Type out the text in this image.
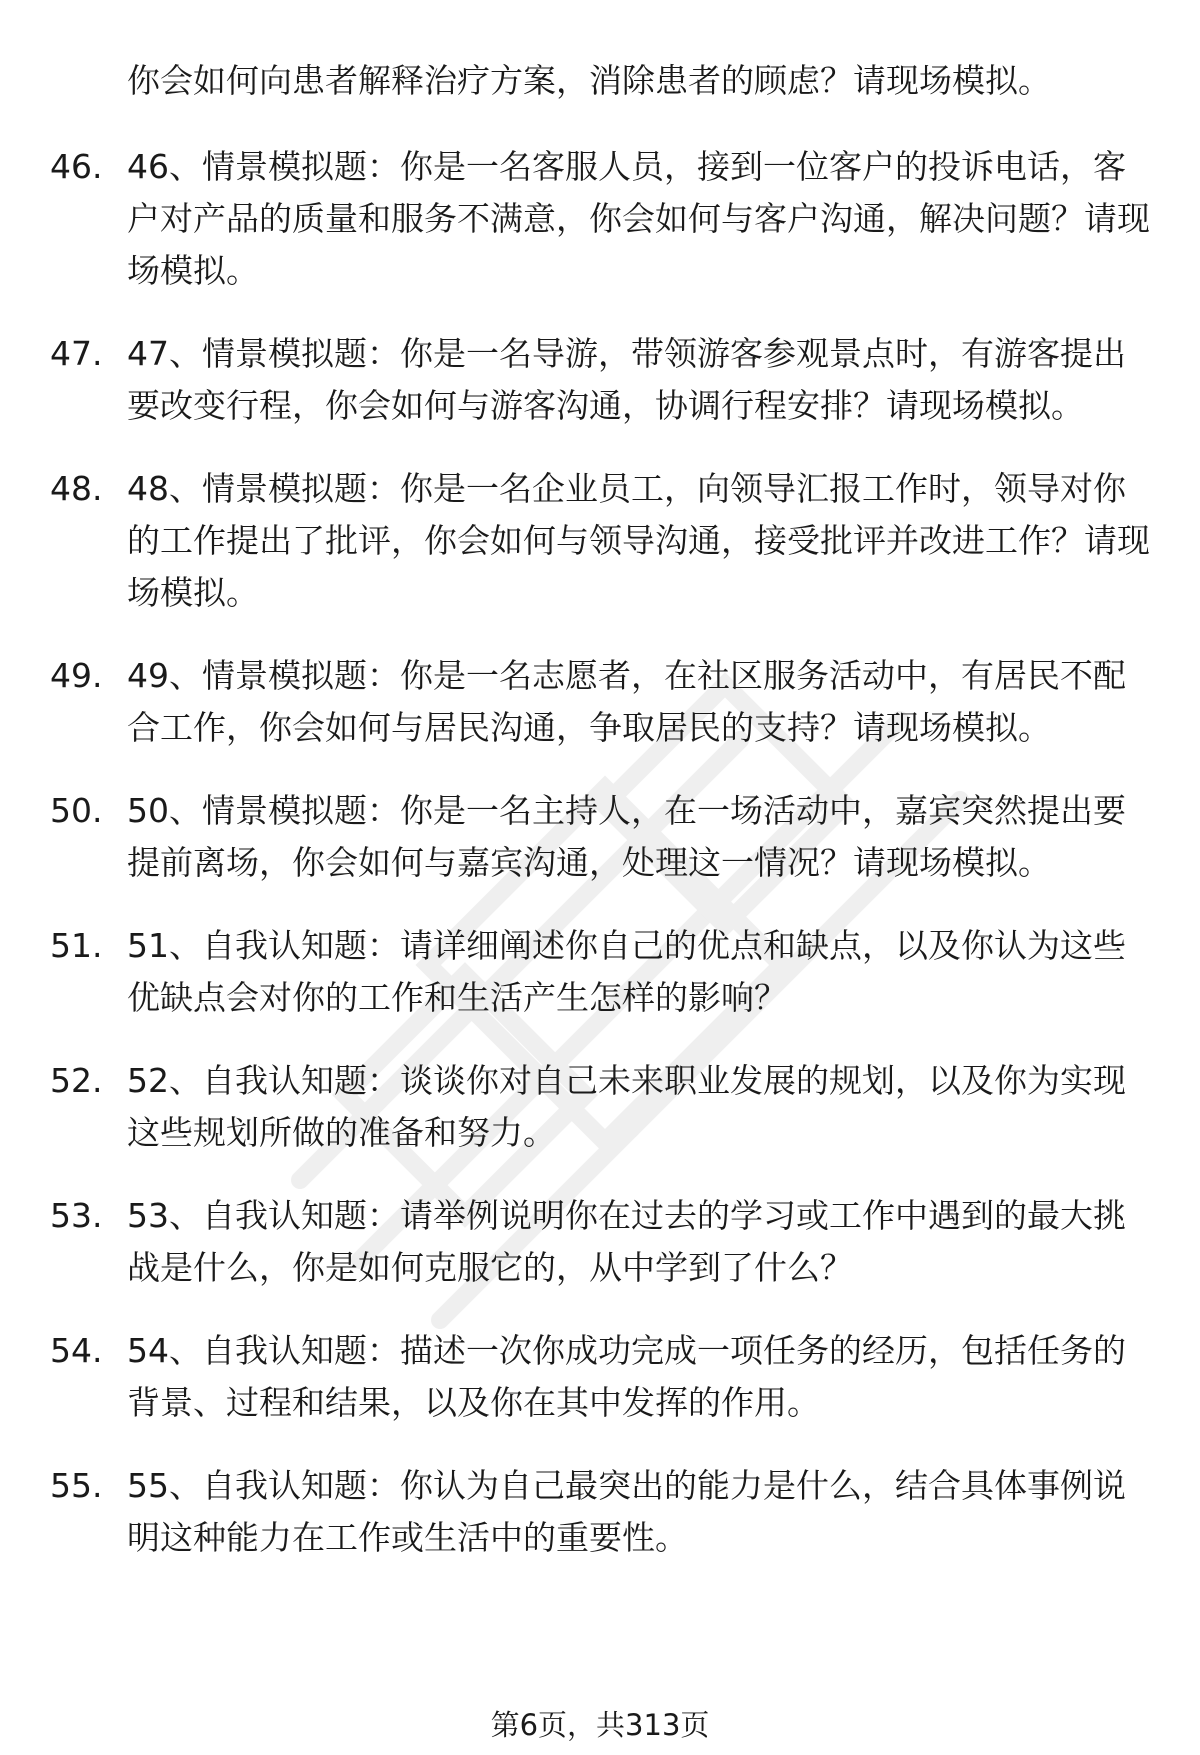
你会如何向患者解释治疗方案，消除患者的顾虑？请现场模拟。
46. 46、情景模拟题：你是一名客服人员，接到一位客户的投诉电话，客户对产品的质量和服务不满意，你会如何与客户沟通，解决问题？请现场模拟。
47. 47、情景模拟题：你是一名导游，带领游客参观景点时，有游客提出要改变行程，你会如何与游客沟通，协调行程安排？请现场模拟。
48. 48、情景模拟题：你是一名企业员工，向领导汇报工作时，领导对你的工作提出了批评，你会如何与领导沟通，接受批评并改进工作？请现场模拟。
49. 49、情景模拟题：你是一名志愿者，在社区服务活动中，有居民不配合工作，你会如何与居民沟通，争取居民的支持？请现场模拟。
50. 50、情景模拟题：你是一名主持人，在一场活动中，嘉宾突然提出要提前离场，你会如何与嘉宾沟通，处理这一情况？请现场模拟。
51. 51、自我认知题：请详细阐述你自己的优点和缺点，以及你认为这些优缺点会对你的工作和生活产生怎样的影响？
52. 52、自我认知题：谈谈你对自己未来职业发展的规划，以及你为实现这些规划所做的准备和努力。
53. 53、自我认知题：请举例说明你在过去的学习或工作中遇到的最大挑战是什么，你是如何克服它的，从中学到了什么？
54. 54、自我认知题：描述一次你成功完成一项任务的经历，包括任务的背景、过程和结果，以及你在其中发挥的作用。
55. 55、自我认知题：你认为自己最突出的能力是什么，结合具体事例说明这种能力在工作或生活中的重要性。
第6页，共313页
